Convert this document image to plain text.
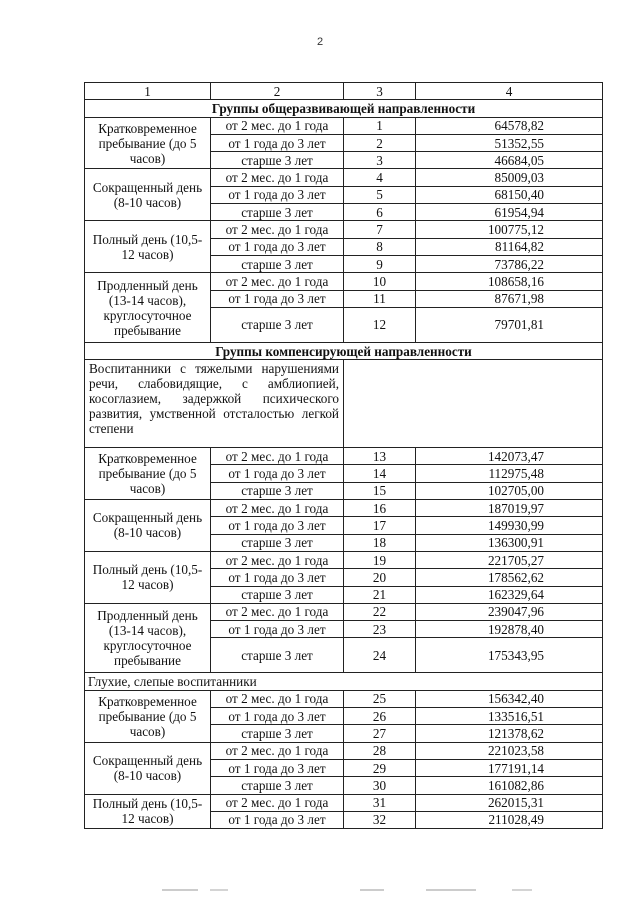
2
1	2	3	4
Группы общеразвивающей направленности			
Кратковременное пребывание (до 5 часов)	от 2 мес. до 1 года	1	64578,82
	от 1 года до 3 лет	2	51352,55
	старше 3 лет	3	46684,05
Сокращенный день (8-10 часов)	от 2 мес. до 1 года	4	85009,03
	от 1 года до 3 лет	5	68150,40
	старше 3 лет	6	61954,94
Полный день (10,5-12 часов)	от 2 мес. до 1 года	7	100775,12
	от 1 года до 3 лет	8	81164,82
	старше 3 лет	9	73786,22
Продленный день (13-14 часов), круглосуточное пребывание	от 2 мес. до 1 года	10	108658,16
	от 1 года до 3 лет	11	87671,98
	старше 3 лет	12	79701,81
Группы компенсирующей направленности			
Воспитанники с тяжелыми нарушениями речи, слабовидящие, с амблиопией, косоглазием, задержкой психического развития, умственной отсталостью легкой степени			
Кратковременное пребывание (до 5 часов)	от 2 мес. до 1 года	13	142073,47
	от 1 года до 3 лет	14	112975,48
	старше 3 лет	15	102705,00
Сокращенный день (8-10 часов)	от 2 мес. до 1 года	16	187019,97
	от 1 года до 3 лет	17	149930,99
	старше 3 лет	18	136300,91
Полный день (10,5-12 часов)	от 2 мес. до 1 года	19	221705,27
	от 1 года до 3 лет	20	178562,62
	старше 3 лет	21	162329,64
Продленный день (13-14 часов), круглосуточное пребывание	от 2 мес. до 1 года	22	239047,96
	от 1 года до 3 лет	23	192878,40
	старше 3 лет	24	175343,95
Глухие, слепые воспитанники			
Кратковременное пребывание (до 5 часов)	от 2 мес. до 1 года	25	156342,40
	от 1 года до 3 лет	26	133516,51
	старше 3 лет	27	121378,62
Сокращенный день (8-10 часов)	от 2 мес. до 1 года	28	221023,58
	от 1 года до 3 лет	29	177191,14
	старше 3 лет	30	161082,86
Полный день (10,5-12 часов)	от 2 мес. до 1 года	31	262015,31
	от 1 года до 3 лет	32	211028,49
